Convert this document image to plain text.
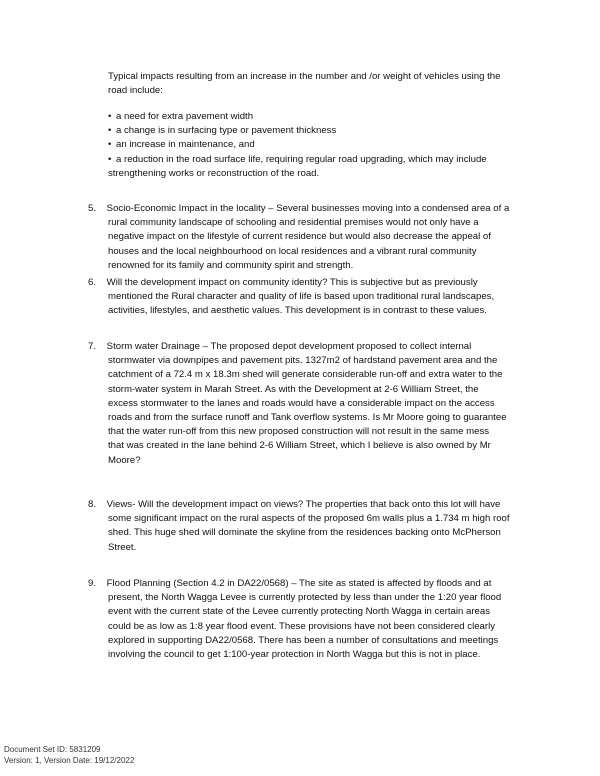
Typical impacts resulting from an increase in the number and /or weight of vehicles using the
road include:
• a need for extra pavement width
• a change is in surfacing type or pavement thickness
• an increase in maintenance, and
• a reduction in the road surface life, requiring regular road upgrading, which may include
strengthening works or reconstruction of the road.
5. Socio-Economic Impact in the locality – Several businesses moving into a condensed area of a
rural community landscape of schooling and residential premises would not only have a
negative impact on the lifestyle of current residence but would also decrease the appeal of
houses and the local neighbourhood on local residences and a vibrant rural community
renowned for its family and community spirit and strength.
6. Will the development impact on community identity? This is subjective but as previously
mentioned the Rural character and quality of life is based upon traditional rural landscapes,
activities, lifestyles, and aesthetic values. This development is in contrast to these values.
7. Storm water Drainage – The proposed depot development proposed to collect internal
stormwater via downpipes and pavement pits. 1327m2 of hardstand pavement area and the
catchment of a 72.4 m x 18.3m shed will generate considerable run-off and extra water to the
storm-water system in Marah Street. As with the Development at 2-6 William Street, the
excess stormwater to the lanes and roads would have a considerable impact on the access
roads and from the surface runoff and Tank overflow systems. Is Mr Moore going to guarantee
that the water run-off from this new proposed construction will not result in the same mess
that was created in the lane behind 2-6 William Street, which I believe is also owned by Mr
Moore?
8. Views- Will the development impact on views? The properties that back onto this lot will have
some significant impact on the rural aspects of the proposed 6m walls plus a 1.734 m high roof
shed. This huge shed will dominate the skyline from the residences backing onto McPherson
Street.
9. Flood Planning (Section 4.2 in DA22/0568) – The site as stated is affected by floods and at
present, the North Wagga Levee is currently protected by less than under the 1:20 year flood
event with the current state of the Levee currently protecting North Wagga in certain areas
could be as low as 1:8 year flood event. These provisions have not been considered clearly
explored in supporting DA22/0568. There has been a number of consultations and meetings
involving the council to get 1:100-year protection in North Wagga but this is not in place.
Document Set ID: 5831209
Version: 1, Version Date: 19/12/2022
